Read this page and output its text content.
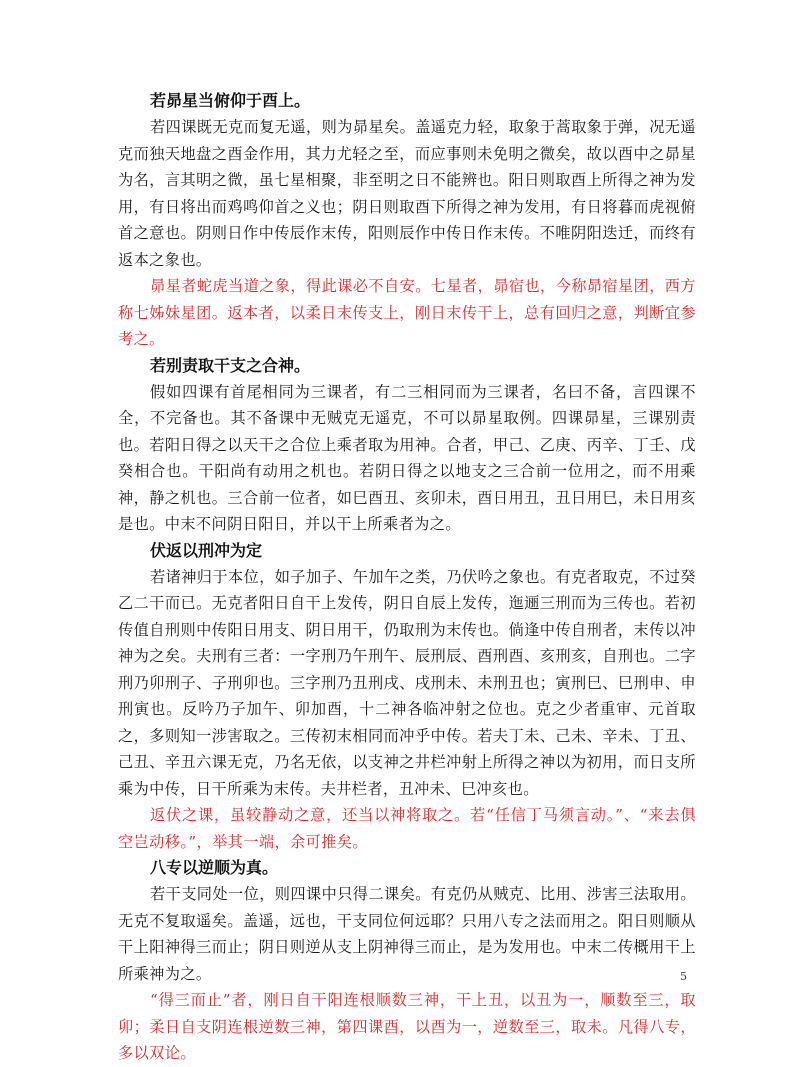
若昴星当俯仰于酉上。

若四课既无克而复无遥，则为昴星矣。盖遥克力轻，取象于蒿取象于弹，况无遥克而独天地盘之酉金作用，其力尤轻之至，而应事则未免明之微矣，故以酉中之昴星为名，言其明之微，虽七星相聚，非至明之日不能辨也。阳日则取酉上所得之神为发用，有日将出而鸡鸣仰首之义也；阴日则取酉下所得之神为发用，有日将暮而虎视俯首之意也。阴则日作中传辰作末传，阳则辰作中传日作末传。不唯阴阳迭迁，而终有返本之象也。

昴星者蛇虎当道之象，得此课必不自安。七星者，昴宿也，今称昴宿星团，西方称七姊妹星团。返本者，以柔日末传支上，刚日末传干上，总有回归之意，判断宜参考之。

若别责取干支之合神。

假如四课有首尾相同为三课者，有二三相同而为三课者，名曰不备，言四课不全，不完备也。其不备课中无贼克无遥克，不可以昴星取例。四课昴星，三课别责也。若阳日得之以天干之合位上乘者取为用神。合者，甲己、乙庚、丙辛、丁壬、戊癸相合也。干阳尚有动用之机也。若阴日得之以地支之三合前一位用之，而不用乘神，静之机也。三合前一位者，如巳酉丑、亥卯未，酉日用丑，丑日用巳，未日用亥是也。中末不问阴日阳日，并以干上所乘者为之。

伏返以刑冲为定

若诸神归于本位，如子加子、午加午之类，乃伏吟之象也。有克者取克，不过癸乙二干而已。无克者阳日自干上发传，阴日自辰上发传，迤逦三刑而为三传也。若初传值自刑则中传阳日用支、阴日用干，仍取刑为末传也。倘逢中传自刑者，末传以冲神为之矣。夫刑有三者：一字刑乃午刑午、辰刑辰、酉刑酉、亥刑亥，自刑也。二字刑乃卯刑子、子刑卯也。三字刑乃丑刑戌、戌刑未、未刑丑也；寅刑巳、巳刑申、申刑寅也。反吟乃子加午、卯加酉，十二神各临冲射之位也。克之少者重审、元首取之，多则知一涉害取之。三传初末相同而冲乎中传。若夫丁未、己未、辛未、丁丑、己丑、辛丑六课无克，乃名无依，以支神之井栏冲射上所得之神以为初用，而日支所乘为中传，日干所乘为末传。夫井栏者，丑冲未、巳冲亥也。

返伏之课，虽较静动之意，还当以神将取之。若“任信丁马须言动。”、“来去俱空岂动移。”，举其一端，余可推矣。

八专以逆顺为真。

若干支同处一位，则四课中只得二课矣。有克仍从贼克、比用、涉害三法取用。无克不复取遥矣。盖遥，远也，干支同位何远耶？只用八专之法而用之。阳日则顺从干上阳神得三而止；阴日则逆从支上阴神得三而止，是为发用也。中末二传概用干上所乘神为之。

“得三而止”者，刚日自干阳连根顺数三神，干上丑，以丑为一，顺数至三，取卯；柔日自支阴连根逆数三神，第四课酉，以酉为一，逆数至三，取未。凡得八专，多以双论。

5
